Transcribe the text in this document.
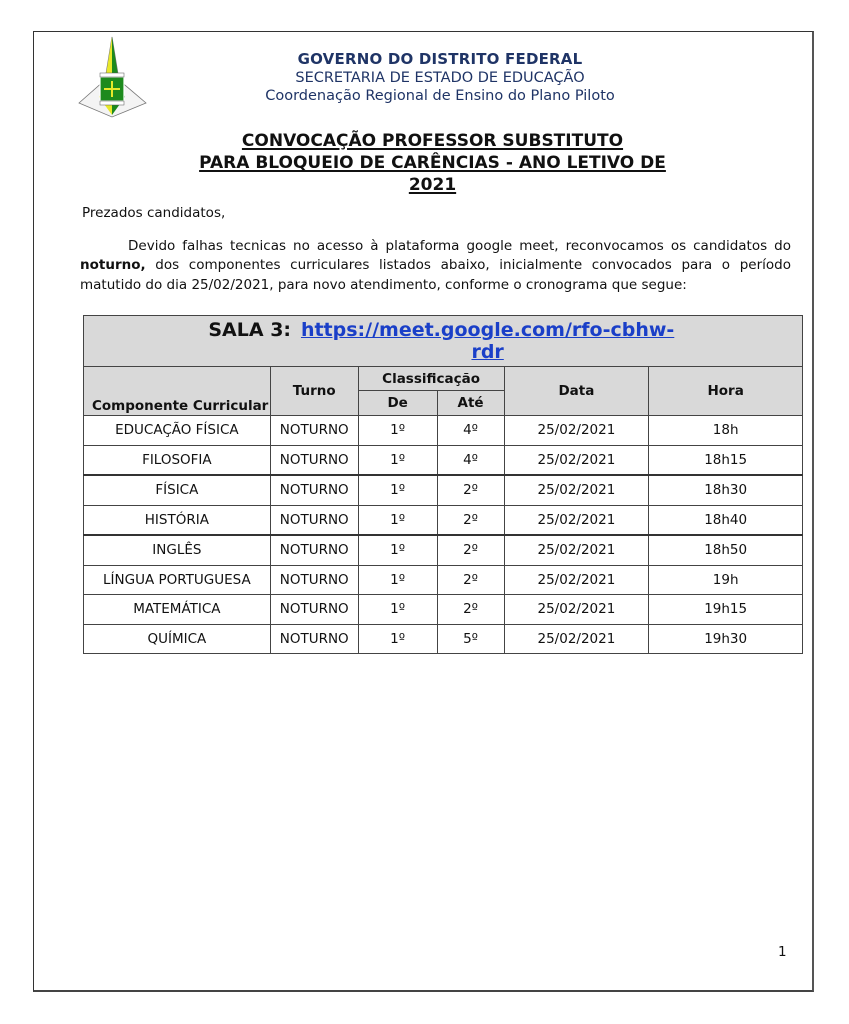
GOVERNO DO DISTRITO FEDERAL
SECRETARIA DE ESTADO DE EDUCAÇÃO
Coordenação Regional de Ensino do Plano Piloto
CONVOCAÇÃO PROFESSOR SUBSTITUTO
PARA BLOQUEIO DE CARÊNCIAS - ANO LETIVO DE
2021
Prezados candidatos,
Devido falhas tecnicas no acesso à plataforma google meet, reconvocamos os candidatos do noturno, dos componentes curriculares listados abaixo, inicialmente convocados para o período matutido do dia 25/02/2021, para novo atendimento, conforme o cronograma que segue:
SALA 3: https://meet.google.com/rfo-cbhw-rdr					
Componente Curricular	Turno	Classificação		Data	Hora
		De	Até		
EDUCAÇÃO FÍSICA	NOTURNO	1º	4º	25/02/2021	18h
FILOSOFIA	NOTURNO	1º	4º	25/02/2021	18h15
FÍSICA	NOTURNO	1º	2º	25/02/2021	18h30
HISTÓRIA	NOTURNO	1º	2º	25/02/2021	18h40
INGLÊS	NOTURNO	1º	2º	25/02/2021	18h50
LÍNGUA PORTUGUESA	NOTURNO	1º	2º	25/02/2021	19h
MATEMÁTICA	NOTURNO	1º	2º	25/02/2021	19h15
QUÍMICA	NOTURNO	1º	5º	25/02/2021	19h30
1
